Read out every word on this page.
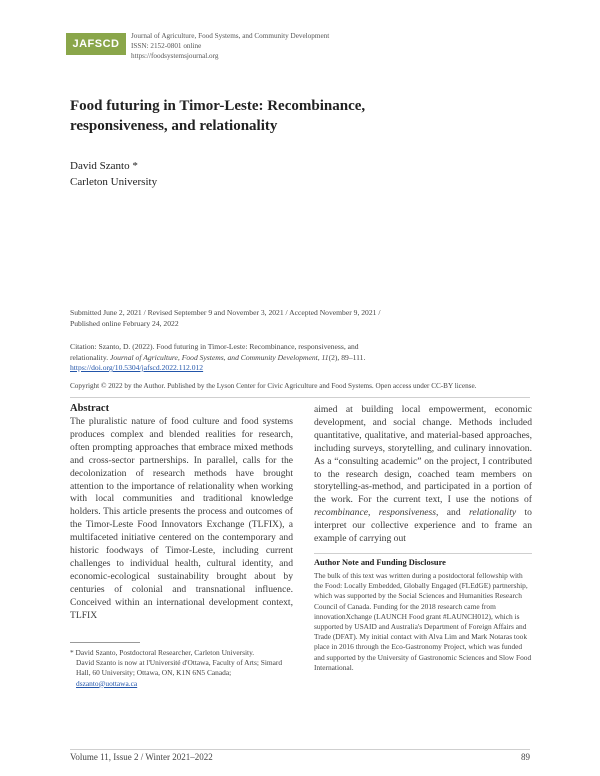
JAFSCD
Journal of Agriculture, Food Systems, and Community Development
ISSN: 2152-0801 online
https://foodsystemsjournal.org
Food futuring in Timor-Leste: Recombinance,
responsiveness, and relationality
David Szanto *
Carleton University
Submitted June 2, 2021 / Revised September 9 and November 3, 2021 / Accepted November 9, 2021 /
Published online February 24, 2022
Citation: Szanto, D. (2022). Food futuring in Timor-Leste: Recombinance, responsiveness, and
relationality. Journal of Agriculture, Food Systems, and Community Development, 11(2), 89–111.
https://doi.org/10.5304/jafscd.2022.112.012
Copyright © 2022 by the Author. Published by the Lyson Center for Civic Agriculture and Food Systems. Open access under CC-BY license.
Abstract

The pluralistic nature of food culture and food systems produces complex and blended realities for research, often prompting approaches that embrace mixed methods and cross-sector partnerships. In parallel, calls for the decolonization of research methods have brought attention to the importance of relationality when working with local communities and traditional knowledge holders. This article presents the process and outcomes of the Timor-Leste Food Innovators Exchange (TLFIX), a multifaceted initiative centered on the contemporary and historic foodways of Timor-Leste, including current challenges to individual health, cultural identity, and economic-ecological sustainability brought about by centuries of colonial and transnational influence. Conceived within an international development context, TLFIX

aimed at building local empowerment, economic development, and social change. Methods included quantitative, qualitative, and material-based approaches, including surveys, storytelling, and culinary innovation. As a “consulting academic” on the project, I contributed to the research design, coached team members on storytelling-as-method, and participated in a portion of the work. For the current text, I use the notions of recombinance, responsiveness, and relationality to interpret our collective experience and to frame an example of carrying out

Author Note and Funding Disclosure
The bulk of this text was written during a postdoctoral fellowship with the Food: Locally Embedded, Globally Engaged (FLEdGE) partnership, which was supported by the Social Sciences and Humanities Research Council of Canada. Funding for the 2018 research came from innovationXchange (LAUNCH Food grant #LAUNCH012), which is supported by USAID and Australia's Department of Foreign Affairs and Trade (DFAT). My initial contact with Alva Lim and Mark Notaras took place in 2016 through the Eco-Gastronomy Project, which was funded and supported by the University of Gastronomic Sciences and Slow Food International.
* David Szanto, Postdoctoral Researcher, Carleton University.
David Szanto is now at l'Université d'Ottawa, Faculty of Arts; Simard Hall, 60 University; Ottawa, ON, K1N 6N5 Canada; dszanto@uottawa.ca
Volume 11, Issue 2 / Winter 2021–2022	89
